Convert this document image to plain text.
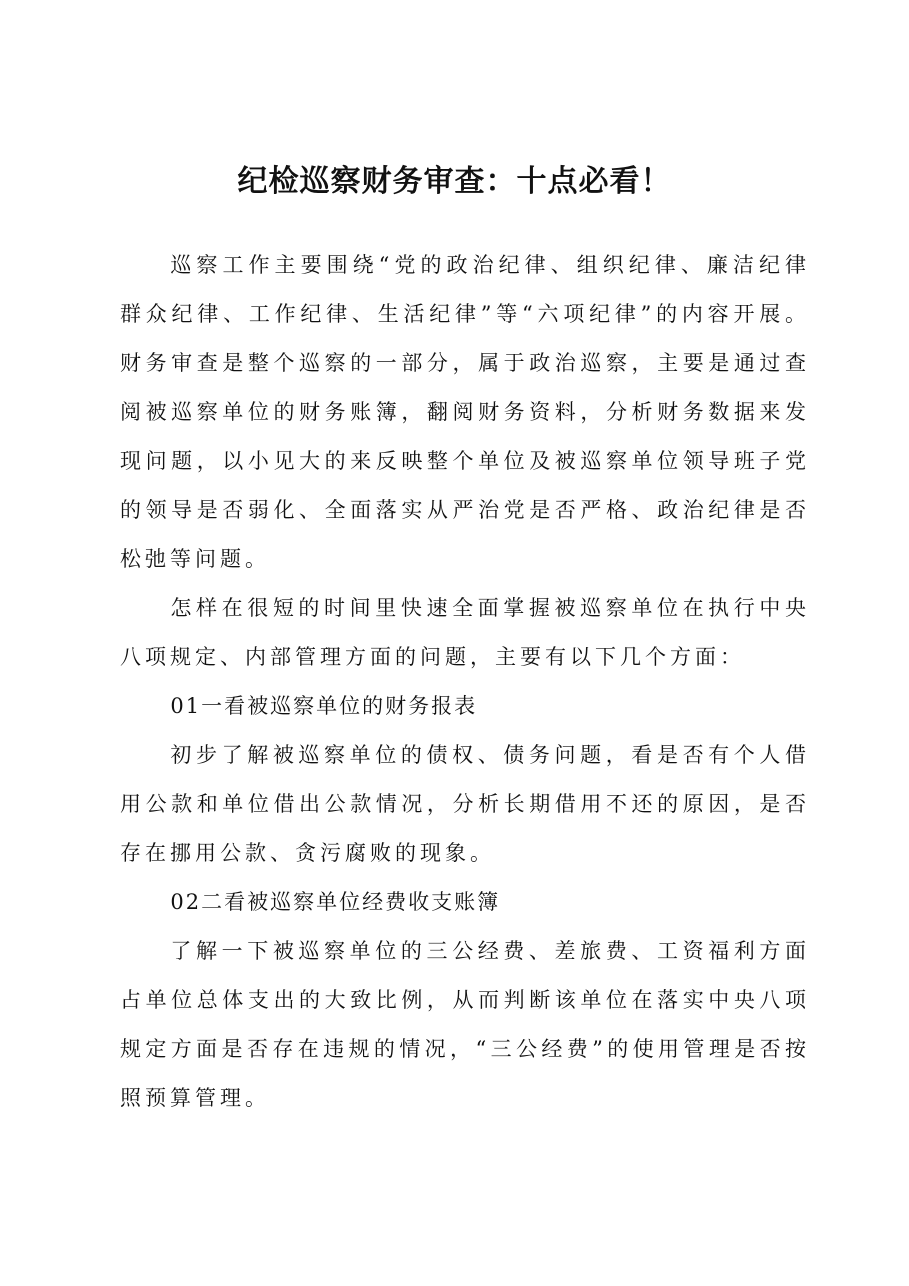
纪检巡察财务审查：十点必看！

巡察工作主要围绕“党的政治纪律、组织纪律、廉洁纪律群众纪律、工作纪律、生活纪律”等“六项纪律”的内容开展。财务审查是整个巡察的一部分，属于政治巡察，主要是通过查阅被巡察单位的财务账簿，翻阅财务资料，分析财务数据来发现问题，以小见大的来反映整个单位及被巡察单位领导班子党的领导是否弱化、全面落实从严治党是否严格、政治纪律是否松弛等问题。

怎样在很短的时间里快速全面掌握被巡察单位在执行中央八项规定、内部管理方面的问题，主要有以下几个方面：

01一看被巡察单位的财务报表

初步了解被巡察单位的债权、债务问题，看是否有个人借用公款和单位借出公款情况，分析长期借用不还的原因，是否存在挪用公款、贪污腐败的现象。

02二看被巡察单位经费收支账簿

了解一下被巡察单位的三公经费、差旅费、工资福利方面占单位总体支出的大致比例，从而判断该单位在落实中央八项规定方面是否存在违规的情况，“三公经费”的使用管理是否按照预算管理。
